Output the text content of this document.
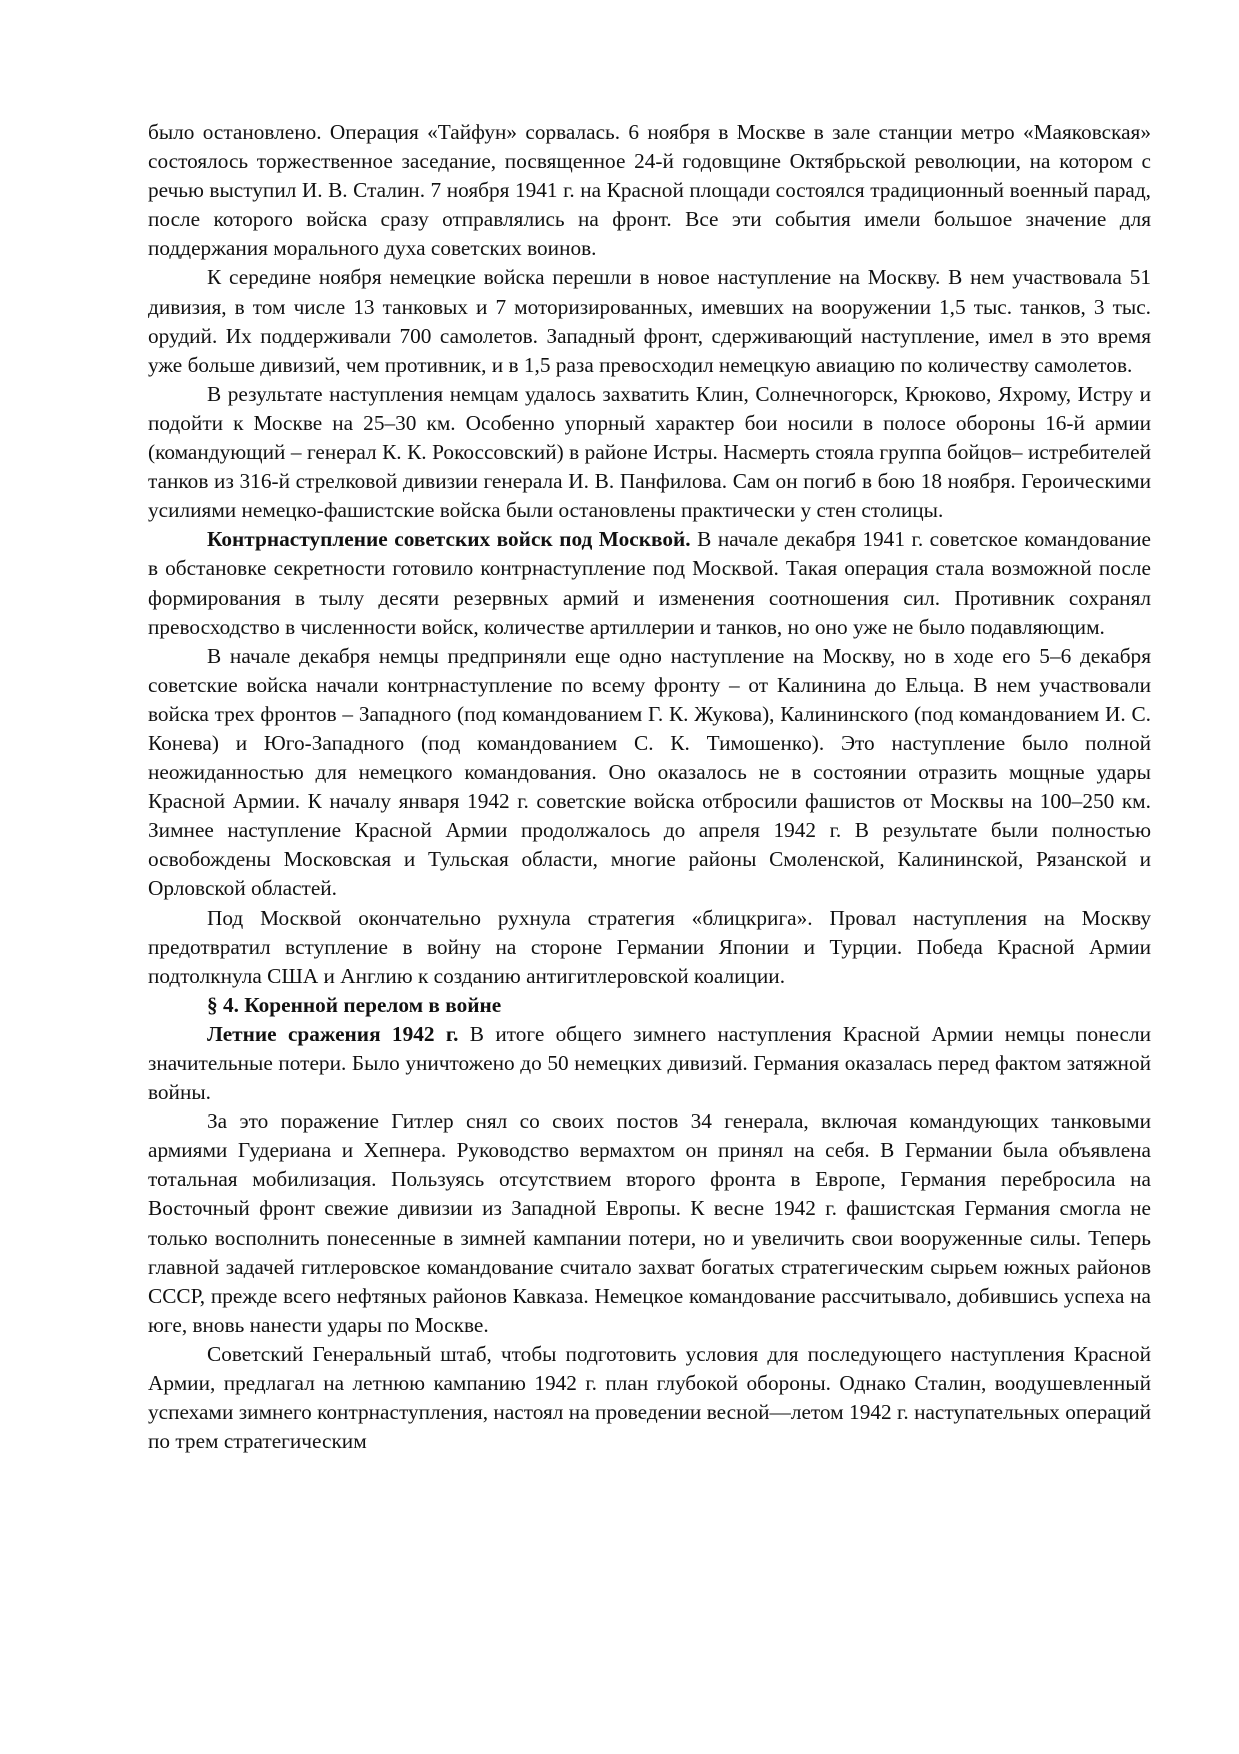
было остановлено. Операция «Тайфун» сорвалась. 6 ноября в Москве в зале станции метро «Маяковская» состоялось торжественное заседание, посвященное 24-й годовщине Октябрьской революции, на котором с речью выступил И. В. Сталин. 7 ноября 1941 г. на Красной площади состоялся традиционный военный парад, после которого войска сразу отправлялись на фронт. Все эти события имели большое значение для поддержания морального духа советских воинов.

К середине ноября немецкие войска перешли в новое наступление на Москву. В нем участвовала 51 дивизия, в том числе 13 танковых и 7 моторизированных, имевших на вооружении 1,5 тыс. танков, 3 тыс. орудий. Их поддерживали 700 самолетов. Западный фронт, сдерживающий наступление, имел в это время уже больше дивизий, чем противник, и в 1,5 раза превосходил немецкую авиацию по количеству самолетов.

В результате наступления немцам удалось захватить Клин, Солнечногорск, Крюково, Яхрому, Истру и подойти к Москве на 25–30 км. Особенно упорный характер бои носили в полосе обороны 16-й армии (командующий – генерал К. К. Рокоссовский) в районе Истры. Насмерть стояла группа бойцов– истребителей танков из 316-й стрелковой дивизии генерала И. В. Панфилова. Сам он погиб в бою 18 ноября. Героическими усилиями немецко-фашистские войска были остановлены практически у стен столицы.

Контрнаступление советских войск под Москвой. В начале декабря 1941 г. советское командование в обстановке секретности готовило контрнаступление под Москвой. Такая операция стала возможной после формирования в тылу десяти резервных армий и изменения соотношения сил. Противник сохранял превосходство в численности войск, количестве артиллерии и танков, но оно уже не было подавляющим.

В начале декабря немцы предприняли еще одно наступление на Москву, но в ходе его 5–6 декабря советские войска начали контрнаступление по всему фронту – от Калинина до Ельца. В нем участвовали войска трех фронтов – Западного (под командованием Г. К. Жукова), Калининского (под командованием И. С. Конева) и Юго-Западного (под командованием С. К. Тимошенко). Это наступление было полной неожиданностью для немецкого командования. Оно оказалось не в состоянии отразить мощные удары Красной Армии. К началу января 1942 г. советские войска отбросили фашистов от Москвы на 100–250 км. Зимнее наступление Красной Армии продолжалось до апреля 1942 г. В результате были полностью освобождены Московская и Тульская области, многие районы Смоленской, Калининской, Рязанской и Орловской областей.

Под Москвой окончательно рухнула стратегия «блицкрига». Провал наступления на Москву предотвратил вступление в войну на стороне Германии Японии и Турции. Победа Красной Армии подтолкнула США и Англию к созданию антигитлеровской коалиции.

§ 4. Коренной перелом в войне

Летние сражения 1942 г. В итоге общего зимнего наступления Красной Армии немцы понесли значительные потери. Было уничтожено до 50 немецких дивизий. Германия оказалась перед фактом затяжной войны.

За это поражение Гитлер снял со своих постов 34 генерала, включая командующих танковыми армиями Гудериана и Хепнера. Руководство вермахтом он принял на себя. В Германии была объявлена тотальная мобилизация. Пользуясь отсутствием второго фронта в Европе, Германия перебросила на Восточный фронт свежие дивизии из Западной Европы. К весне 1942 г. фашистская Германия смогла не только восполнить понесенные в зимней кампании потери, но и увеличить свои вооруженные силы. Теперь главной задачей гитлеровское командование считало захват богатых стратегическим сырьем южных районов СССР, прежде всего нефтяных районов Кавказа. Немецкое командование рассчитывало, добившись успеха на юге, вновь нанести удары по Москве.

Советский Генеральный штаб, чтобы подготовить условия для последующего наступления Красной Армии, предлагал на летнюю кампанию 1942 г. план глубокой обороны. Однако Сталин, воодушевленный успехами зимнего контрнаступления, настоял на проведении весной—летом 1942 г. наступательных операций по трем стратегическим
